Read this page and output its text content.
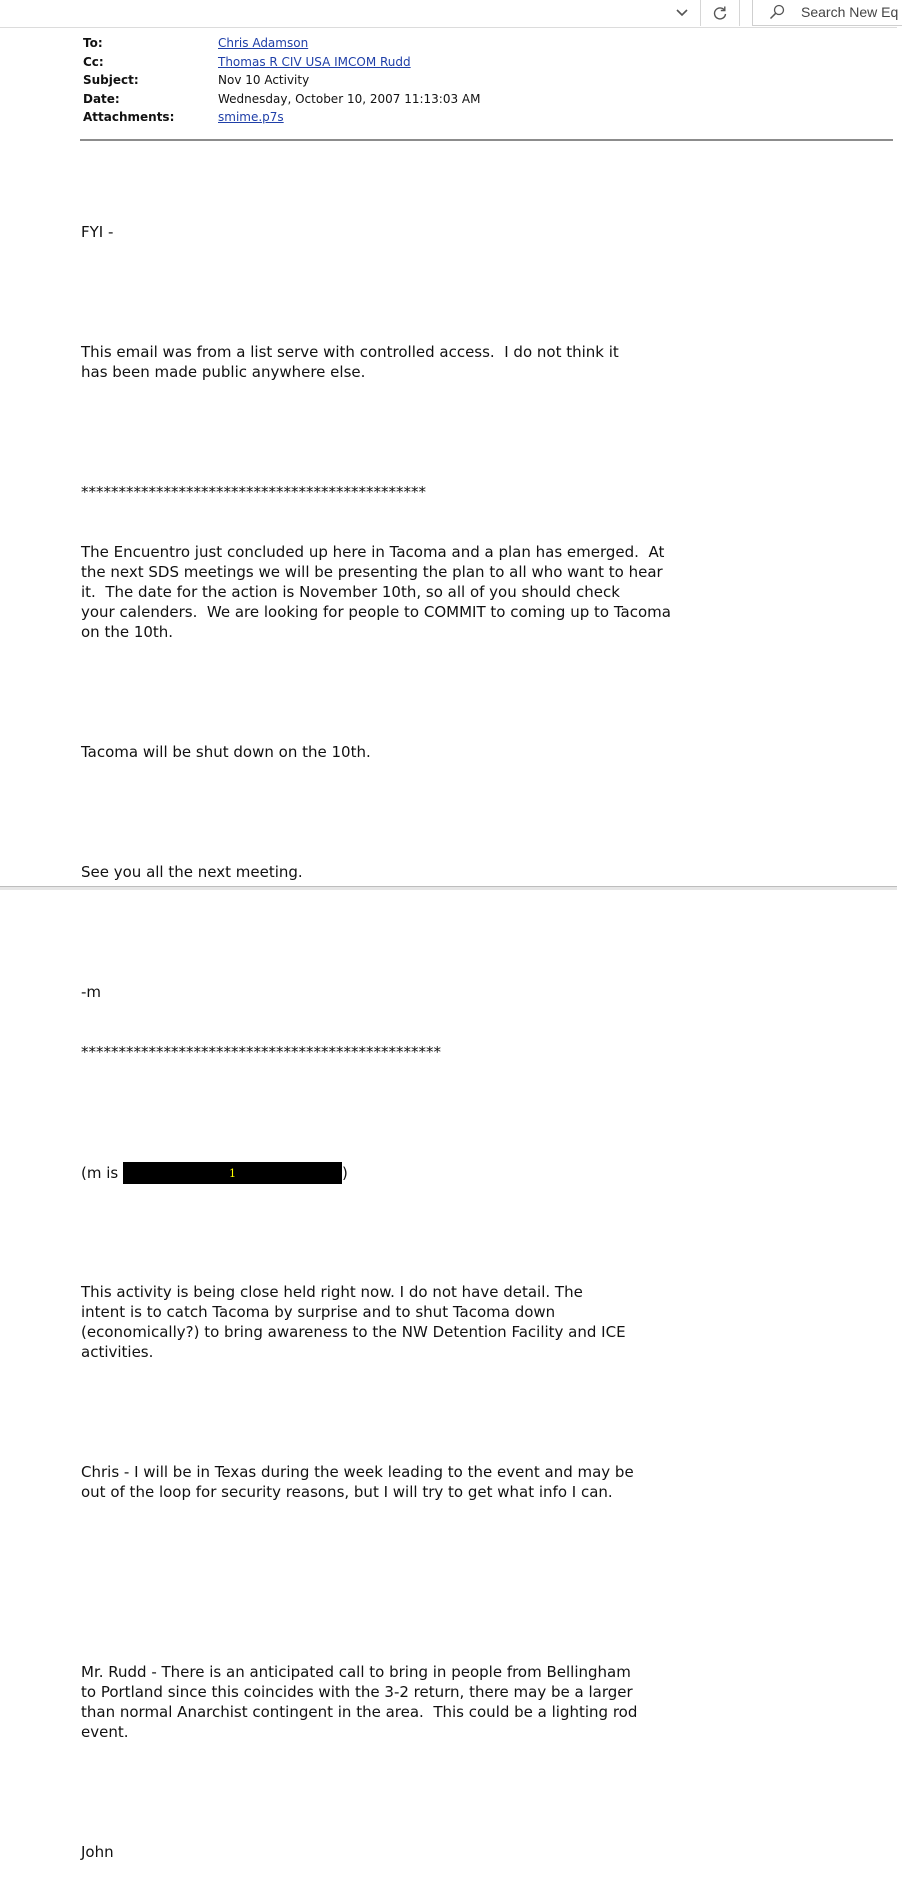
Search New Eq
To:	Chris Adamson
Cc:	Thomas R CIV USA IMCOM Rudd
Subject:	Nov 10 Activity
Date:	Wednesday, October 10, 2007 11:13:03 AM
Attachments:	smime.p7s

FYI -

This email was from a list serve with controlled access.  I do not think it
has been made public anywhere else.

**********************************************

The Encuentro just concluded up here in Tacoma and a plan has emerged.  At
the next SDS meetings we will be presenting the plan to all who want to hear
it.  The date for the action is November 10th, so all of you should check
your calenders.  We are looking for people to COMMIT to coming up to Tacoma
on the 10th.

Tacoma will be shut down on the 10th.

See you all the next meeting.

-m

************************************************

(m is	1	)

This activity is being close held right now. I do not have detail. The
intent is to catch Tacoma by surprise and to shut Tacoma down
(economically?) to bring awareness to the NW Detention Facility and ICE
activities.

Chris - I will be in Texas during the week leading to the event and may be
out of the loop for security reasons, but I will try to get what info I can.

Mr. Rudd - There is an anticipated call to bring in people from Bellingham
to Portland since this coincides with the 3-2 return, there may be a larger
than normal Anarchist contingent in the area.  This could be a lighting rod
event.

John
